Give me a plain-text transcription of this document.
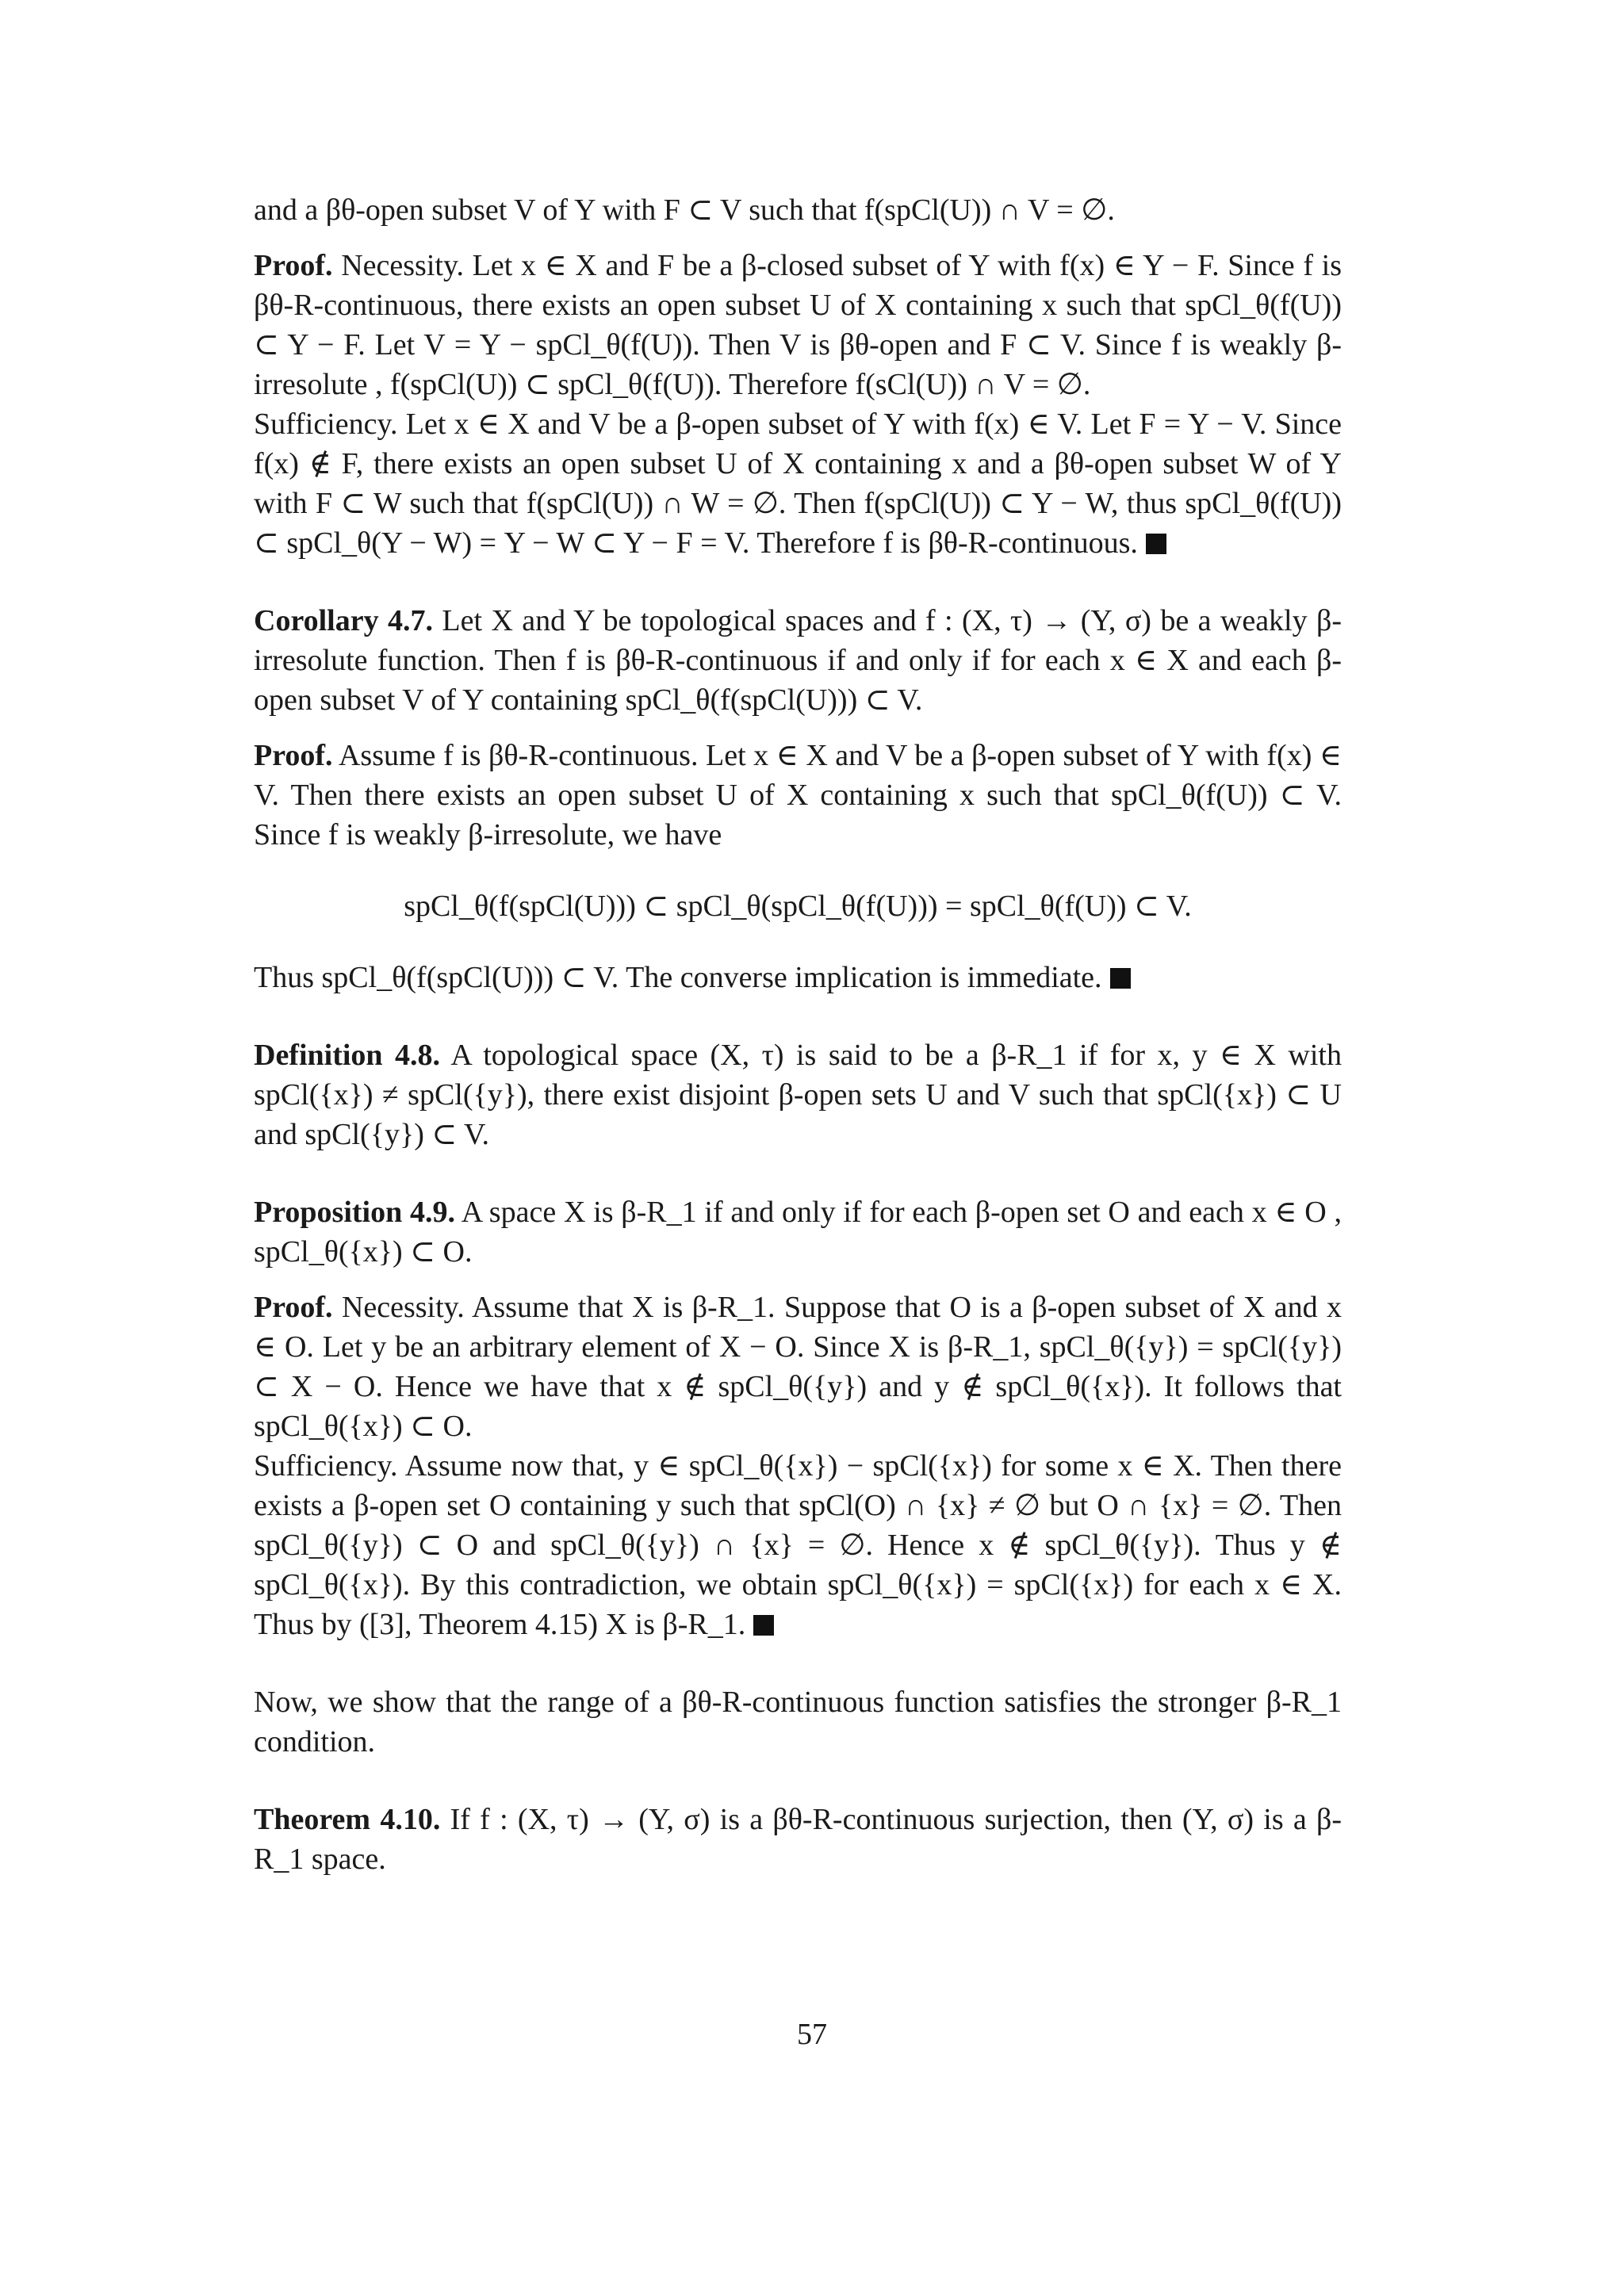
and a βθ-open subset V of Y with F ⊂ V such that f(spCl(U)) ∩ V = ∅.

Proof. Necessity. Let x ∈ X and F be a β-closed subset of Y with f(x) ∈ Y − F. Since f is βθ-R-continuous, there exists an open subset U of X containing x such that spCl_θ(f(U)) ⊂ Y − F. Let V = Y − spCl_θ(f(U)). Then V is βθ-open and F ⊂ V. Since f is weakly β-irresolute , f(spCl(U)) ⊂ spCl_θ(f(U)). Therefore f(sCl(U)) ∩ V = ∅.

Sufficiency. Let x ∈ X and V be a β-open subset of Y with f(x) ∈ V. Let F = Y − V. Since f(x) ∉ F, there exists an open subset U of X containing x and a βθ-open subset W of Y with F ⊂ W such that f(spCl(U)) ∩ W = ∅. Then f(spCl(U)) ⊂ Y − W, thus spCl_θ(f(U)) ⊂ spCl_θ(Y − W) = Y − W ⊂ Y − F = V. Therefore f is βθ-R-continuous.

Corollary 4.7. Let X and Y be topological spaces and f : (X, τ) → (Y, σ) be a weakly β-irresolute function. Then f is βθ-R-continuous if and only if for each x ∈ X and each β-open subset V of Y containing spCl_θ(f(spCl(U))) ⊂ V.

Proof. Assume f is βθ-R-continuous. Let x ∈ X and V be a β-open subset of Y with f(x) ∈ V. Then there exists an open subset U of X containing x such that spCl_θ(f(U)) ⊂ V. Since f is weakly β-irresolute, we have

spCl_θ(f(spCl(U))) ⊂ spCl_θ(spCl_θ(f(U))) = spCl_θ(f(U)) ⊂ V.

Thus spCl_θ(f(spCl(U))) ⊂ V. The converse implication is immediate.

Definition 4.8. A topological space (X, τ) is said to be a β-R_1 if for x, y ∈ X with spCl({x}) ≠ spCl({y}), there exist disjoint β-open sets U and V such that spCl({x}) ⊂ U and spCl({y}) ⊂ V.

Proposition 4.9. A space X is β-R_1 if and only if for each β-open set O and each x ∈ O , spCl_θ({x}) ⊂ O.

Proof. Necessity. Assume that X is β-R_1. Suppose that O is a β-open subset of X and x ∈ O. Let y be an arbitrary element of X − O. Since X is β-R_1, spCl_θ({y}) = spCl({y}) ⊂ X − O. Hence we have that x ∉ spCl_θ({y}) and y ∉ spCl_θ({x}). It follows that spCl_θ({x}) ⊂ O.

Sufficiency. Assume now that, y ∈ spCl_θ({x}) − spCl({x}) for some x ∈ X. Then there exists a β-open set O containing y such that spCl(O) ∩ {x} ≠ ∅ but O ∩ {x} = ∅. Then spCl_θ({y}) ⊂ O and spCl_θ({y}) ∩ {x} = ∅. Hence x ∉ spCl_θ({y}). Thus y ∉ spCl_θ({x}). By this contradiction, we obtain spCl_θ({x}) = spCl({x}) for each x ∈ X. Thus by ([3], Theorem 4.15) X is β-R_1.

Now, we show that the range of a βθ-R-continuous function satisfies the stronger β-R_1 condition.

Theorem 4.10. If f : (X, τ) → (Y, σ) is a βθ-R-continuous surjection, then (Y, σ) is a β-R_1 space.

57
